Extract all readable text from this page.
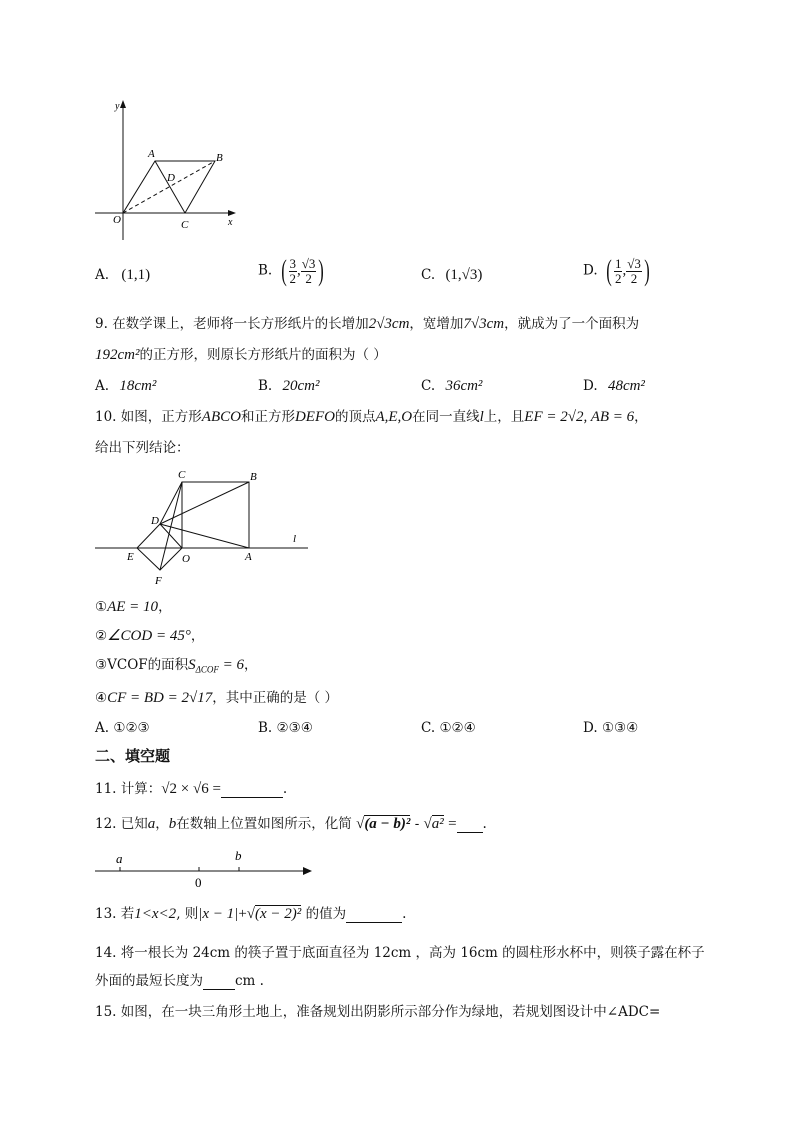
y
x
A	B
C
D
O
A. (1,1)	B. ( $\frac{3}{2}$ , $\frac{√3}{2}$ )	C. (1,√3)	D. ( $\frac{1}{2}$ , $\frac{√3}{2}$ )
9. 在数学课上，老师将一长方形纸片的长增加2√3cm，宽增加7√3cm，就成为了一个面积为
192cm²的正方形，则原长方形纸片的面积为（ ）
A. 18cm²	B. 20cm²	C. 36cm²	D. 48cm²
10. 如图，正方形ABCO和正方形DEFO的顶点A,E,O在同一直线l上，且EF = 2√2, AB = 6，
给出下列结论：
C	B
D
E	O	A
F
l
①AE = 10，
②∠COD = 45°，
③VCOF的面积$S_{\Delta COF} = 6$，
④CF = BD = 2√17，其中正确的是（ ）
A. ①②③	B. ②③④	C. ①②④	D. ①③④
二、填空题
11. 计算：√2 × √6 =	.
12. 已知a，b在数轴上位置如图所示，化简 √(a − b)² - √a² = .
a	b
0
13. 若1<x<2, 则|x − 1|+√(x − 2)² 的值为	.
14. 将一根长为 24cm 的筷子置于底面直径为 12cm ，高为 16cm 的圆柱形水杯中，则筷子露在杯子
外面的最短长度为 cm .
15. 如图，在一块三角形土地上，准备规划出阴影所示部分作为绿地，若规划图设计中∠ADC=
